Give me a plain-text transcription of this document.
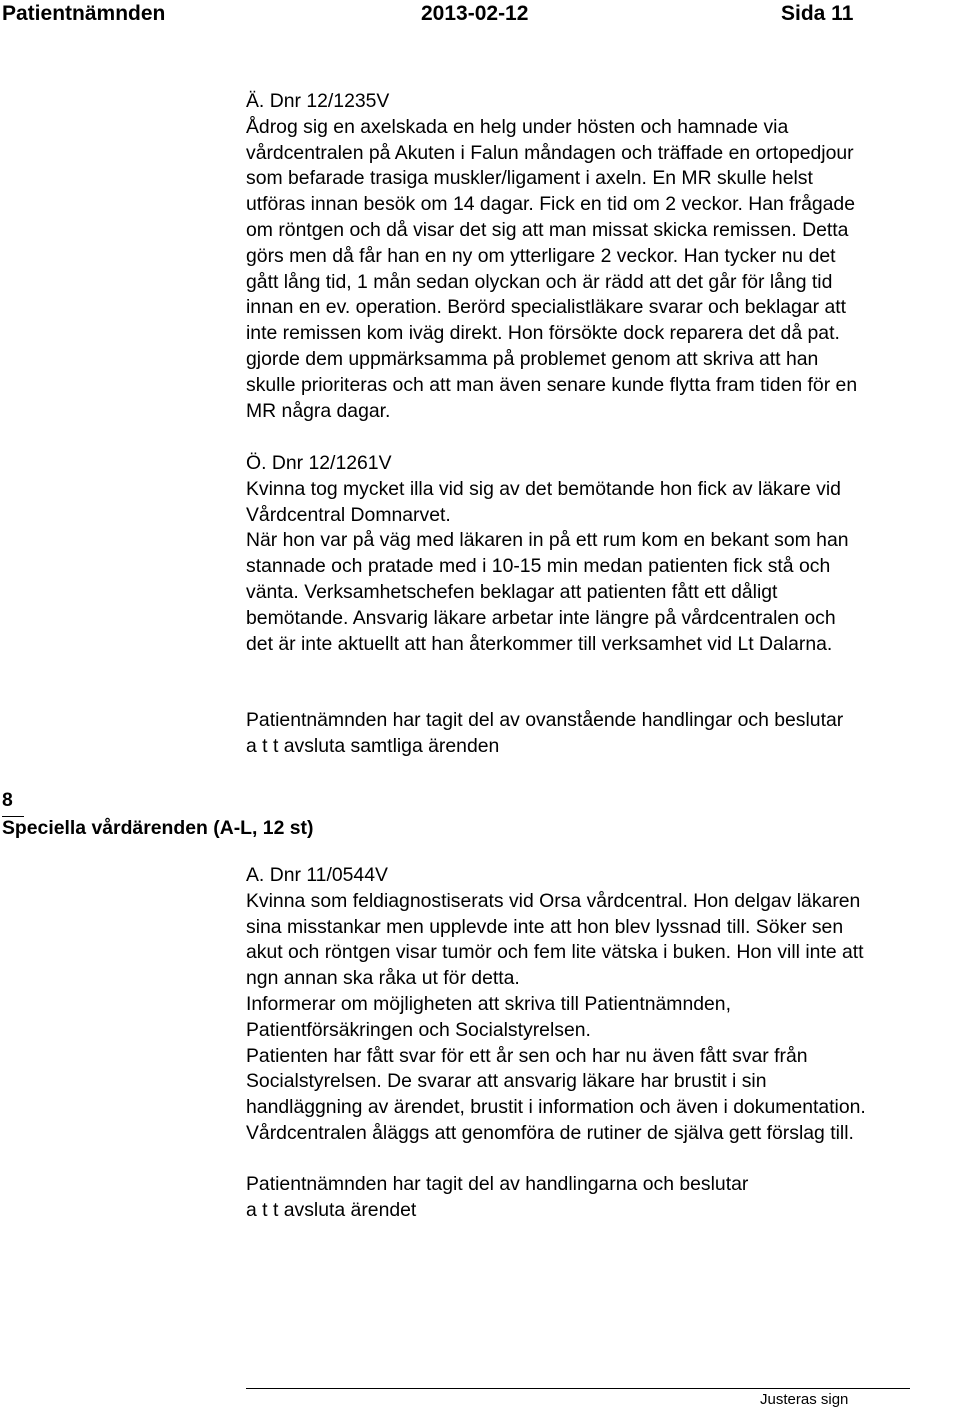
Patientnämnden	2013-02-12	Sida 11
Ä. Dnr 12/1235V
Ådrog sig en axelskada en helg under hösten och hamnade via
vårdcentralen på Akuten i Falun måndagen och träffade en ortopedjour
som befarade trasiga muskler/ligament i axeln. En MR skulle helst
utföras innan besök om 14 dagar. Fick en tid om 2 veckor. Han frågade
om röntgen och då visar det sig att man missat skicka remissen. Detta
görs men då får han en ny om ytterligare 2 veckor. Han tycker nu det
gått lång tid, 1 mån sedan olyckan och är rädd att det går för lång tid
innan en ev. operation. Berörd specialistläkare svarar och beklagar att
inte remissen kom iväg direkt. Hon försökte dock reparera det då pat.
gjorde dem uppmärksamma på problemet genom att skriva att han
skulle prioriteras och att man även senare kunde flytta fram tiden för en
MR några dagar.
Ö. Dnr 12/1261V
Kvinna tog mycket illa vid sig av det bemötande hon fick av läkare vid
Vårdcentral Domnarvet.
När hon var på väg med läkaren in på ett rum kom en bekant som han
stannade och pratade med i 10-15 min medan patienten fick stå och
vänta. Verksamhetschefen beklagar att patienten fått ett dåligt
bemötande. Ansvarig läkare arbetar inte längre på vårdcentralen och
det är inte aktuellt att han återkommer till verksamhet vid Lt Dalarna.
Patientnämnden har tagit del av ovanstående handlingar och beslutar
a t t avsluta samtliga ärenden
8
Speciella vårdärenden (A-L, 12 st)
A. Dnr 11/0544V
Kvinna som feldiagnostiserats vid Orsa vårdcentral. Hon delgav läkaren
sina misstankar men upplevde inte att hon blev lyssnad till. Söker sen
akut och röntgen visar tumör och fem lite vätska i buken. Hon vill inte att
ngn annan ska råka ut för detta.
Informerar om möjligheten att skriva till Patientnämnden,
Patientförsäkringen och Socialstyrelsen.
Patienten har fått svar för ett år sen och har nu även fått svar från
Socialstyrelsen. De svarar att ansvarig läkare har brustit i sin
handläggning av ärendet, brustit i information och även i dokumentation.
Vårdcentralen åläggs att genomföra de rutiner de själva gett förslag till.
Patientnämnden har tagit del av handlingarna och beslutar
a t t avsluta ärendet
Justeras sign
